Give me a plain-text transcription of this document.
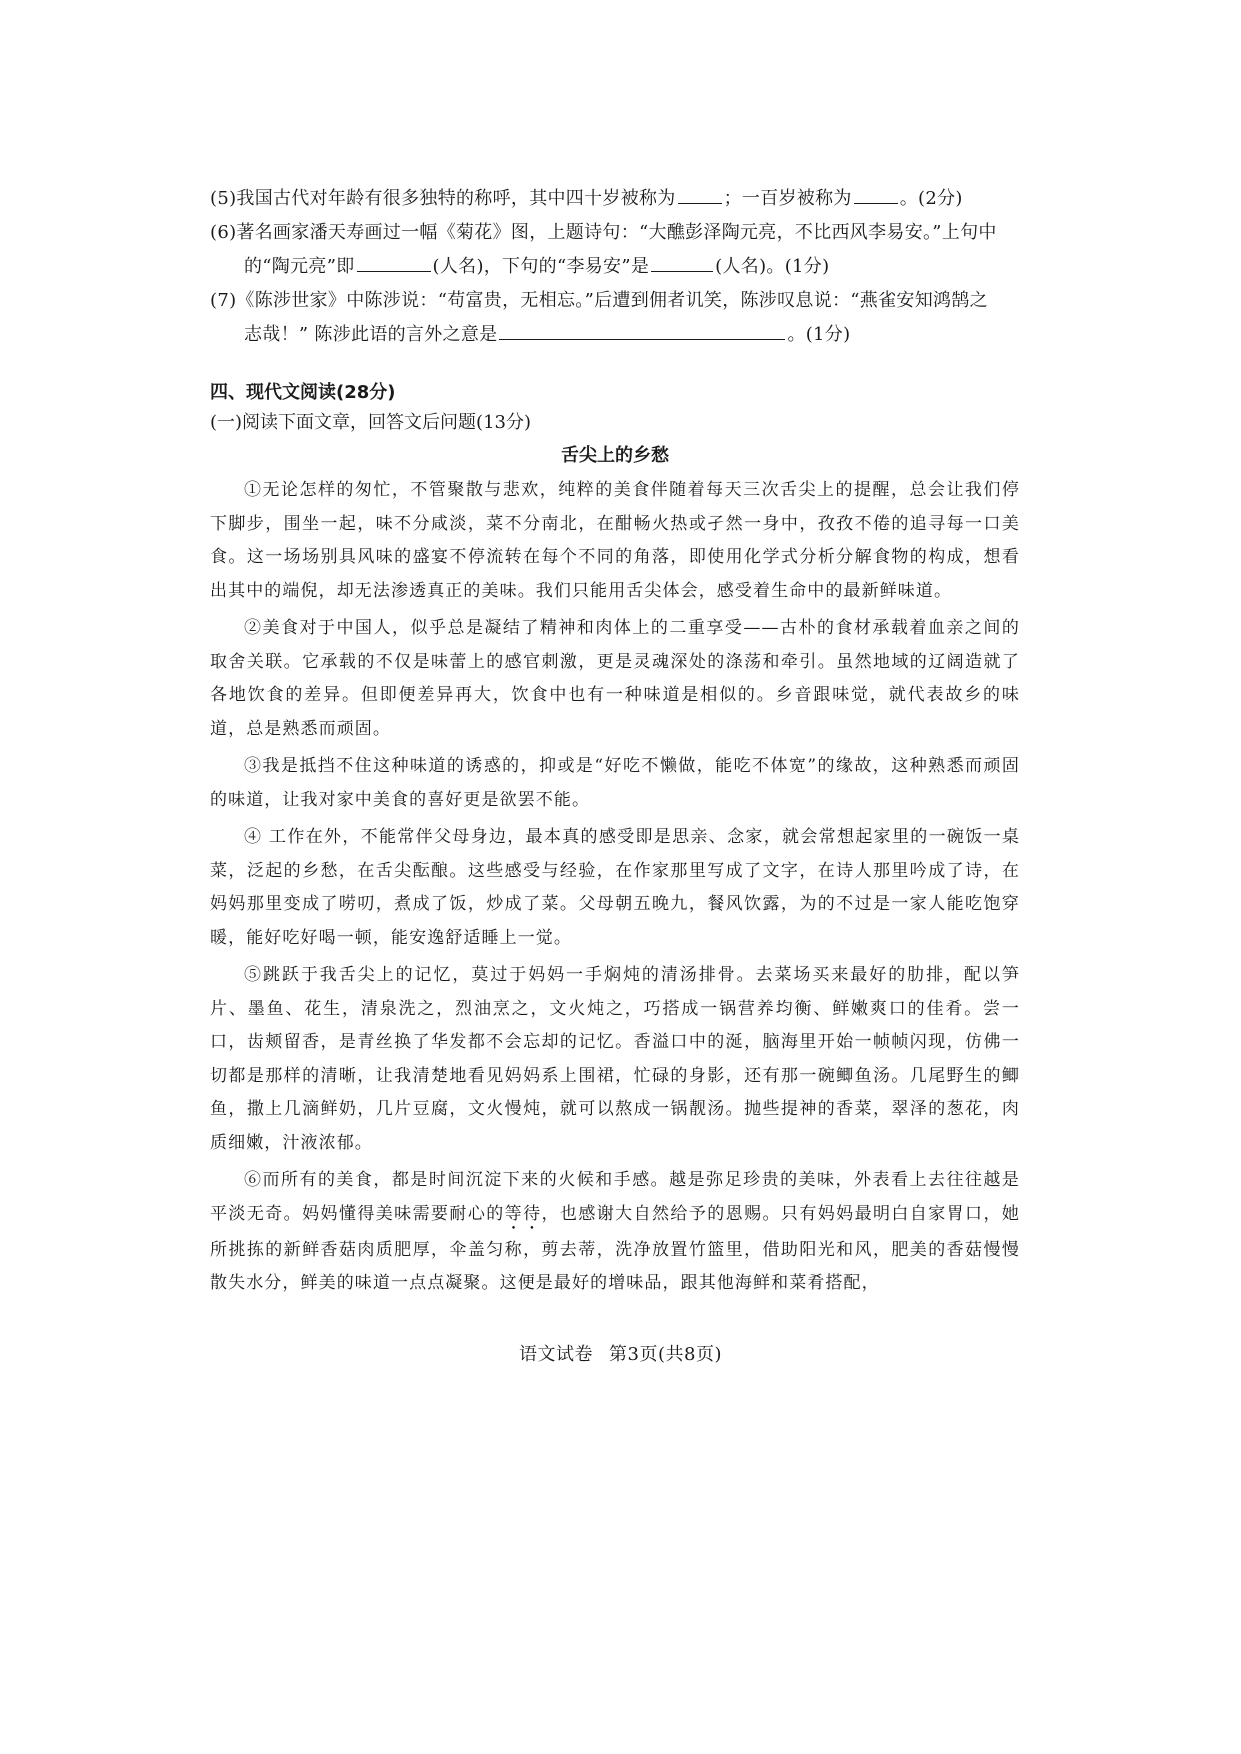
(5)我国古代对年龄有很多独特的称呼，其中四十岁被称为	；一百岁被称为	。(2分)
(6)著名画家潘天寿画过一幅《菊花》图，上题诗句：“大醮彭泽陶元亮，不比西风李易安。”上句中
的“陶元亮”即	(人名)，下句的“李易安”是	(人名)。(1分)
(7)《陈涉世家》中陈涉说：“苟富贵，无相忘。”后遭到佣者讥笑，陈涉叹息说：“燕雀安知鸿鹄之
志哉！” 陈涉此语的言外之意是	。(1分)
四、现代文阅读(28分)
(一)阅读下面文章，回答文后问题(13分)
舌尖上的乡愁

①无论怎样的匆忙，不管聚散与悲欢，纯粹的美食伴随着每天三次舌尖上的提醒，总会让我们停下脚步，围坐一起，味不分咸淡，菜不分南北，在酣畅火热或孑然一身中，孜孜不倦的追寻每一口美食。这一场场别具风味的盛宴不停流转在每个不同的角落，即使用化学式分析分解食物的构成，想看出其中的端倪，却无法渗透真正的美味。我们只能用舌尖体会，感受着生命中的最新鲜味道。

②美食对于中国人，似乎总是凝结了精神和肉体上的二重享受——古朴的食材承载着血亲之间的取舍关联。它承载的不仅是味蕾上的感官刺激，更是灵魂深处的涤荡和牵引。虽然地域的辽阔造就了各地饮食的差异。但即便差异再大，饮食中也有一种味道是相似的。乡音跟味觉，就代表故乡的味道，总是熟悉而顽固。

③我是抵挡不住这种味道的诱惑的，抑或是“好吃不懒做，能吃不体宽”的缘故，这种熟悉而顽固的味道，让我对家中美食的喜好更是欲罢不能。

④ 工作在外，不能常伴父母身边，最本真的感受即是思亲、念家，就会常想起家里的一碗饭一桌菜，泛起的乡愁，在舌尖酝酿。这些感受与经验，在作家那里写成了文字，在诗人那里吟成了诗，在妈妈那里变成了唠叨，煮成了饭，炒成了菜。父母朝五晚九，餐风饮露，为的不过是一家人能吃饱穿暖，能好吃好喝一顿，能安逸舒适睡上一觉。

⑤跳跃于我舌尖上的记忆，莫过于妈妈一手焖炖的清汤排骨。去菜场买来最好的肋排，配以笋片、墨鱼、花生，清泉洗之，烈油烹之，文火炖之，巧搭成一锅营养均衡、鲜嫩爽口的佳肴。尝一口，齿颊留香，是青丝换了华发都不会忘却的记忆。香溢口中的涎，脑海里开始一帧帧闪现，仿佛一切都是那样的清晰，让我清楚地看见妈妈系上围裙，忙碌的身影，还有那一碗鲫鱼汤。几尾野生的鲫鱼，撒上几滴鲜奶，几片豆腐，文火慢炖，就可以熬成一锅靓汤。抛些提神的香菜，翠泽的葱花，肉质细嫩，汁液浓郁。

⑥而所有的美食，都是时间沉淀下来的火候和手感。越是弥足珍贵的美味，外表看上去往往越是平淡无奇。妈妈懂得美味需要耐心的等待，也感谢大自然给予的恩赐。只有妈妈最明白自家胃口，她所挑拣的新鲜香菇肉质肥厚，伞盖匀称，剪去蒂，洗净放置竹篮里，借助阳光和风，肥美的香菇慢慢散失水分，鲜美的味道一点点凝聚。这便是最好的增味品，跟其他海鲜和菜肴搭配，

语文试卷 第3页(共8页)
